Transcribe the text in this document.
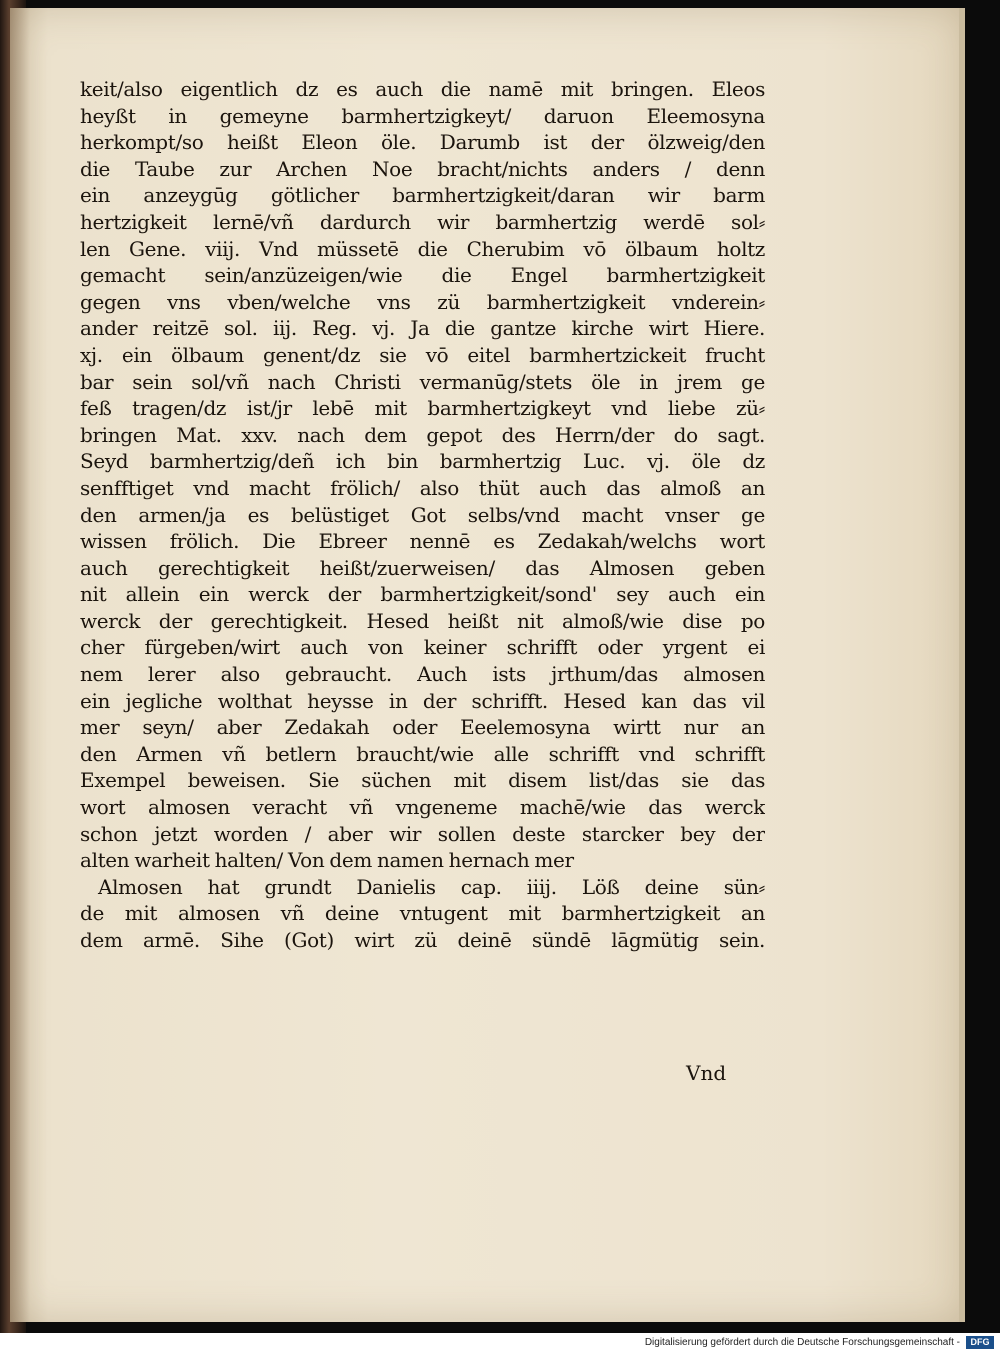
keit/also eigentlich dz es auch die namē mit bringen. Eleos
heyßt in gemeyne barmhertzigkeyt/ daruon Eleemosyna
herkompt/so heißt Eleon öle. Darumb ist der ölzweig/den
die Taube zur Archen Noe bracht/nichts anders / denn
ein anzeygūg götlicher barmhertzigkeit/daran wir barm
hertzigkeit lernē/vñ dardurch wir barmhertzig werdē sol⸗
len Gene. viij. Vnd müssetē die Cherubim vō ölbaum holtz
gemacht sein/anzüzeigen/wie die Engel barmhertzigkeit
gegen vns vben/welche vns zü barmhertzigkeit vnderein⸗
ander reitzē sol. iij. Reg. vj. Ja die gantze kirche wirt Hiere.
xj. ein ölbaum genent/dz sie vō eitel barmhertzickeit frucht
bar sein sol/vñ nach Christi vermanūg/stets öle in jrem ge
feß tragen/dz ist/jr lebē mit barmhertzigkeyt vnd liebe zü⸗
bringen Mat. xxv. nach dem gepot des Herrn/der do sagt.
Seyd barmhertzig/deñ ich bin barmhertzig Luc. vj. öle dz
senfftiget vnd macht frölich/ also thüt auch das almoß an
den armen/ja es belüstiget Got selbs/vnd macht vnser ge
wissen frölich. Die Ebreer nennē es Zedakah/welchs wort
auch gerechtigkeit heißt/zuerweisen/ das Almosen geben
nit allein ein werck der barmhertzigkeit/sond' sey auch ein
werck der gerechtigkeit. Hesed heißt nit almoß/wie dise po
cher fürgeben/wirt auch von keiner schrifft oder yrgent ei
nem lerer also gebraucht. Auch ists jrthum/das almosen
ein jegliche wolthat heysse in der schrifft. Hesed kan das vil
mer seyn/ aber Zedakah oder Eeelemosyna wirtt nur an
den Armen vñ betlern braucht/wie alle schrifft vnd schrifft
Exempel beweisen. Sie süchen mit disem list/das sie das
wort almosen veracht vñ vngeneme machē/wie das werck
schon jetzt worden / aber wir sollen deste starcker bey der
alten warheit halten/ Von dem namen hernach mer
Almosen hat grundt Danielis cap. iiij. Löß deine sün⸗
de mit almosen vñ deine vntugent mit barmhertzigkeit an
dem armē. Sihe (Got) wirt zü deinē sündē lāgmütig sein.
Vnd
Digitalisierung gefördert durch die Deutsche Forschungsgemeinschaft -	DFG
